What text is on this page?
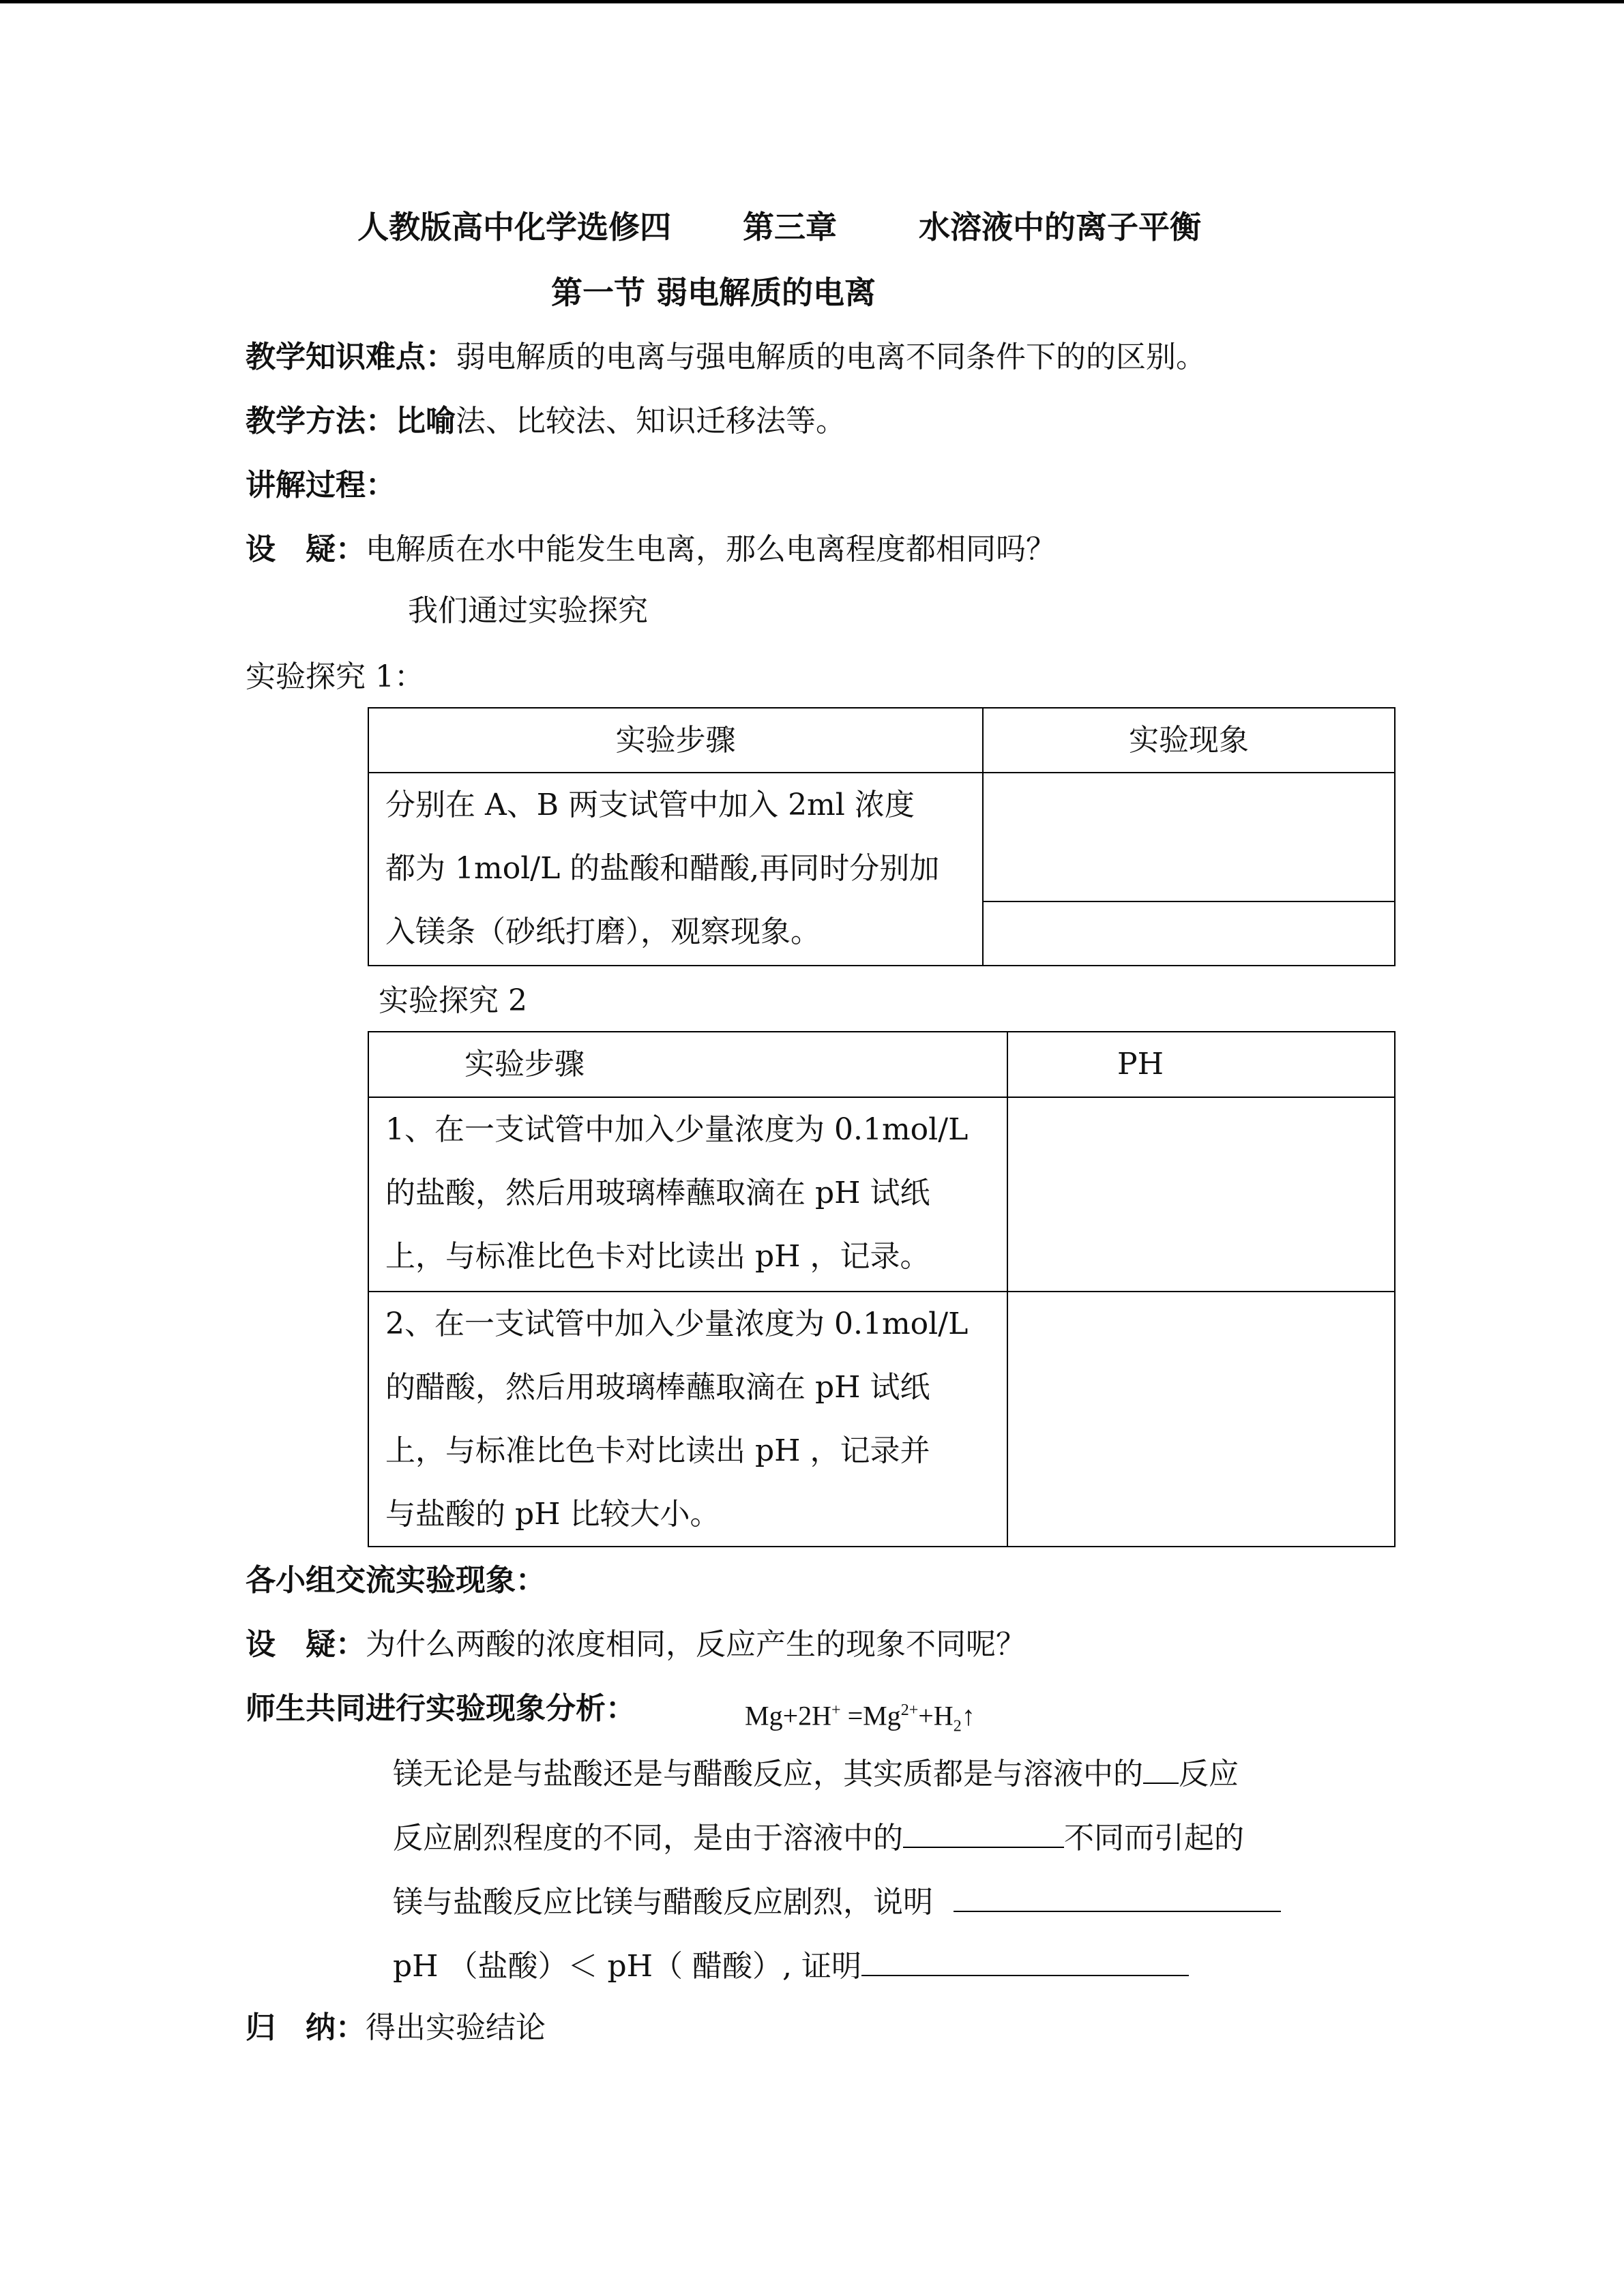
人教版高中化学选修四 第三章	水溶液中的离子平衡
第一节 弱电解质的电离
教学知识难点：弱电解质的电离与强电解质的电离不同条件下的的区别。
教学方法：比喻法、比较法、知识迁移法等。
讲解过程：
设　疑：电解质在水中能发生电离，那么电离程度都相同吗？
我们通过实验探究
实验探究 1：
实验步骤	实验现象

分别在 A、B 两支试管中加入 2ml 浓度
都为 1mol/L 的盐酸和醋酸,再同时分别加
入镁条（砂纸打磨），观察现象。	

实验探究 2
实验步骤	PH

1、在一支试管中加入少量浓度为 0.1mol/L
的盐酸，然后用玻璃棒蘸取滴在 pH 试纸
上，与标准比色卡对比读出 pH ，记录。	

2、在一支试管中加入少量浓度为 0.1mol/L
的醋酸，然后用玻璃棒蘸取滴在 pH 试纸
上，与标准比色卡对比读出 pH ，记录并
与盐酸的 pH 比较大小。	

各小组交流实验现象：
设　疑：为什么两酸的浓度相同，反应产生的现象不同呢？
师生共同进行实验现象分析：	$Mg+2H^+ =Mg^{2+}+H_2↑$
镁无论是与盐酸还是与醋酸反应，其实质都是与溶液中的 反应
反应剧烈程度的不同，是由于溶液中的	不同而引起的
镁与盐酸反应比镁与醋酸反应剧烈，说明
pH （盐酸）＜ pH（ 醋酸）, 证明
归　纳：得出实验结论
